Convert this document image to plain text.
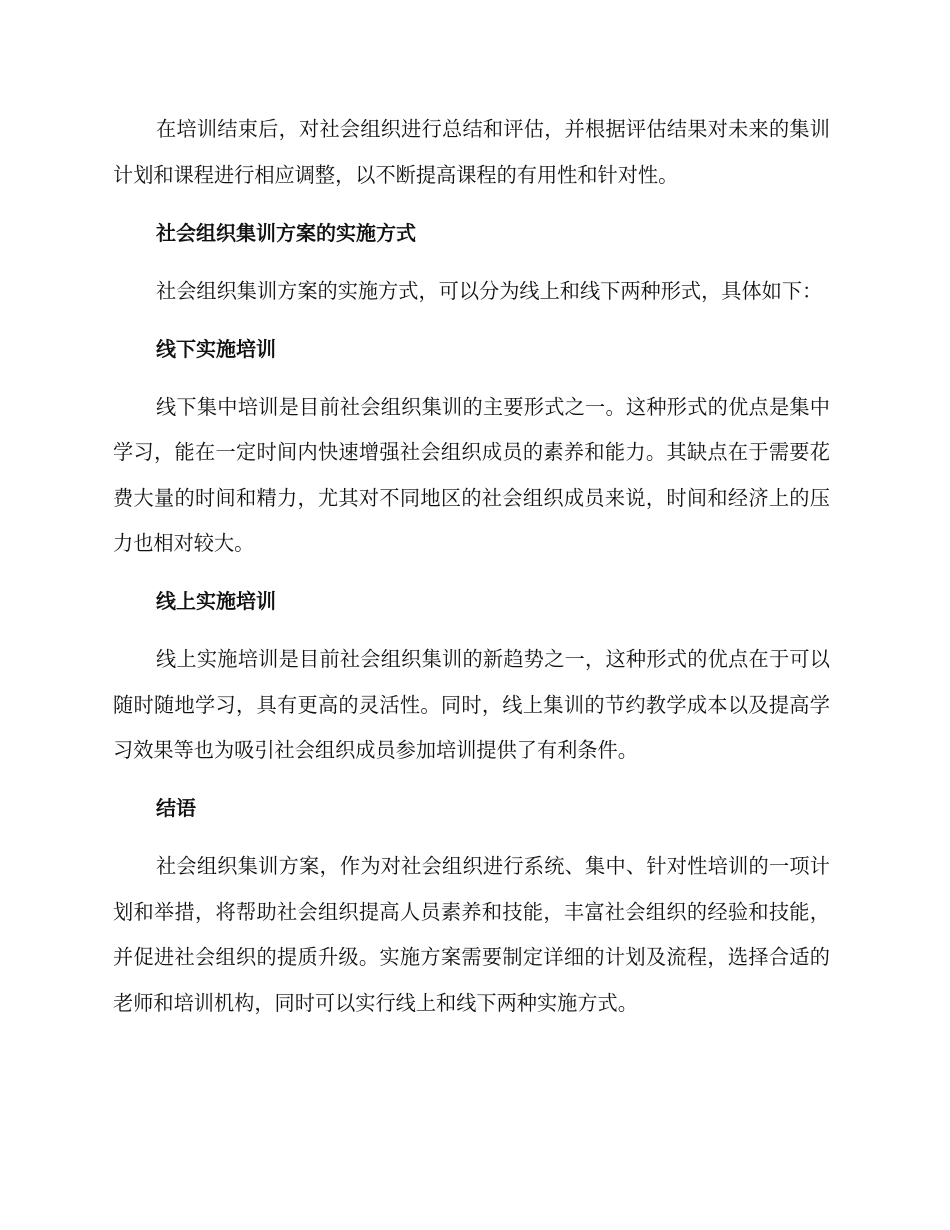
在培训结束后，对社会组织进行总结和评估，并根据评估结果对未来的集训计划和课程进行相应调整，以不断提高课程的有用性和针对性。

社会组织集训方案的实施方式

社会组织集训方案的实施方式，可以分为线上和线下两种形式，具体如下：

线下实施培训

线下集中培训是目前社会组织集训的主要形式之一。这种形式的优点是集中学习，能在一定时间内快速增强社会组织成员的素养和能力。其缺点在于需要花费大量的时间和精力，尤其对不同地区的社会组织成员来说，时间和经济上的压力也相对较大。

线上实施培训

线上实施培训是目前社会组织集训的新趋势之一，这种形式的优点在于可以随时随地学习，具有更高的灵活性。同时，线上集训的节约教学成本以及提高学习效果等也为吸引社会组织成员参加培训提供了有利条件。

结语

社会组织集训方案，作为对社会组织进行系统、集中、针对性培训的一项计划和举措，将帮助社会组织提高人员素养和技能，丰富社会组织的经验和技能，并促进社会组织的提质升级。实施方案需要制定详细的计划及流程，选择合适的老师和培训机构，同时可以实行线上和线下两种实施方式。
